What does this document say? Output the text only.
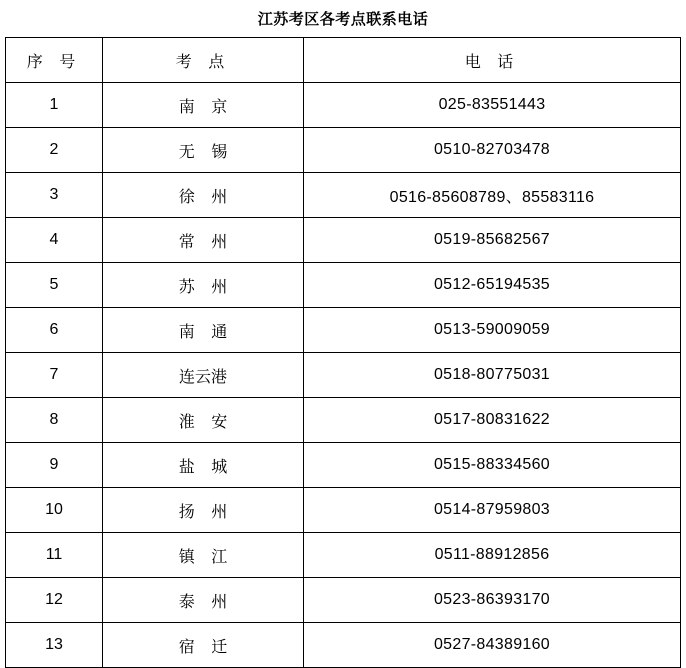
江苏考区各考点联系电话
序 号	考 点	电 话
1	南 京	025-83551443
2	无 锡	0510-82703478
3	徐 州	0516-85608789、85583116
4	常 州	0519-85682567
5	苏 州	0512-65194535
6	南 通	0513-59009059
7	连云港	0518-80775031
8	淮 安	0517-80831622
9	盐 城	0515-88334560
10	扬 州	0514-87959803
11	镇 江	0511-88912856
12	泰 州	0523-86393170
13	宿 迁	0527-84389160
